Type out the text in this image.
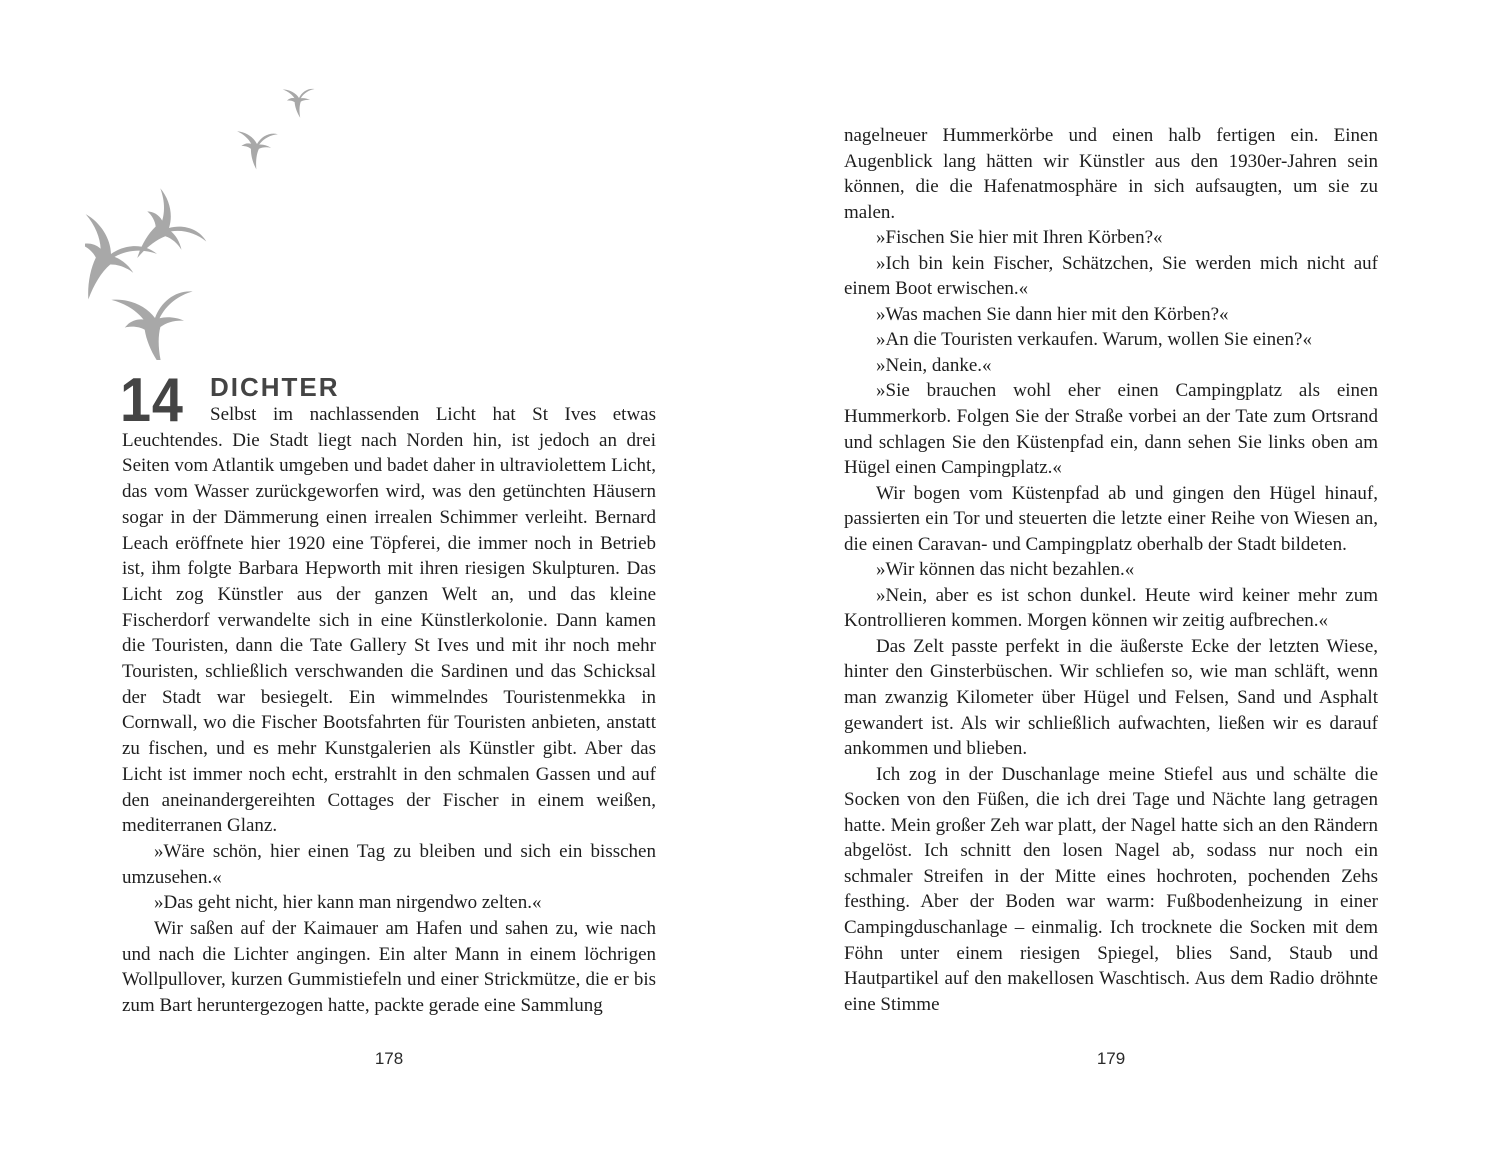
14 DICHTER

Selbst im nachlassenden Licht hat St Ives etwas Leuchtendes. Die Stadt liegt nach Norden hin, ist jedoch an drei Seiten vom Atlantik umgeben und badet daher in ultraviolettem Licht, das vom Wasser zurückgeworfen wird, was den getünchten Häusern sogar in der Dämmerung einen irrealen Schimmer verleiht. Bernard Leach eröffnete hier 1920 eine Töpferei, die immer noch in Betrieb ist, ihm folgte Barbara Hepworth mit ihren riesigen Skulpturen. Das Licht zog Künstler aus der ganzen Welt an, und das kleine Fischerdorf verwandelte sich in eine Künstlerkolonie. Dann kamen die Touristen, dann die Tate Gallery St Ives und mit ihr noch mehr Touristen, schließlich verschwanden die Sardinen und das Schicksal der Stadt war besiegelt. Ein wimmelndes Touristenmekka in Cornwall, wo die Fischer Bootsfahrten für Touristen anbieten, anstatt zu fischen, und es mehr Kunstgalerien als Künstler gibt. Aber das Licht ist immer noch echt, erstrahlt in den schmalen Gassen und auf den aneinandergereihten Cottages der Fischer in einem weißen, mediterranen Glanz.

»Wäre schön, hier einen Tag zu bleiben und sich ein bisschen umzusehen.«

»Das geht nicht, hier kann man nirgendwo zelten.«

Wir saßen auf der Kaimauer am Hafen und sahen zu, wie nach und nach die Lichter angingen. Ein alter Mann in einem löchrigen Wollpullover, kurzen Gummistiefeln und einer Strickmütze, die er bis zum Bart heruntergezogen hatte, packte gerade eine Sammlung

178	179

nagelneuer Hummerkörbe und einen halb fertigen ein. Einen Augenblick lang hätten wir Künstler aus den 1930er-Jahren sein können, die die Hafenatmosphäre in sich aufsaugten, um sie zu malen.

»Fischen Sie hier mit Ihren Körben?«

»Ich bin kein Fischer, Schätzchen, Sie werden mich nicht auf einem Boot erwischen.«

»Was machen Sie dann hier mit den Körben?«

»An die Touristen verkaufen. Warum, wollen Sie einen?«

»Nein, danke.«

»Sie brauchen wohl eher einen Campingplatz als einen Hummerkorb. Folgen Sie der Straße vorbei an der Tate zum Ortsrand und schlagen Sie den Küstenpfad ein, dann sehen Sie links oben am Hügel einen Campingplatz.«

Wir bogen vom Küstenpfad ab und gingen den Hügel hinauf, passierten ein Tor und steuerten die letzte einer Reihe von Wiesen an, die einen Caravan- und Campingplatz oberhalb der Stadt bildeten.

»Wir können das nicht bezahlen.«

»Nein, aber es ist schon dunkel. Heute wird keiner mehr zum Kontrollieren kommen. Morgen können wir zeitig aufbrechen.«

Das Zelt passte perfekt in die äußerste Ecke der letzten Wiese, hinter den Ginsterbüschen. Wir schliefen so, wie man schläft, wenn man zwanzig Kilometer über Hügel und Felsen, Sand und Asphalt gewandert ist. Als wir schließlich aufwachten, ließen wir es darauf ankommen und blieben.

Ich zog in der Duschanlage meine Stiefel aus und schälte die Socken von den Füßen, die ich drei Tage und Nächte lang getragen hatte. Mein großer Zeh war platt, der Nagel hatte sich an den Rändern abgelöst. Ich schnitt den losen Nagel ab, sodass nur noch ein schmaler Streifen in der Mitte eines hochroten, pochenden Zehs festhing. Aber der Boden war warm: Fußbodenheizung in einer Campingduschanlage – einmalig. Ich trocknete die Socken mit dem Föhn unter einem riesigen Spiegel, blies Sand, Staub und Hautpartikel auf den makellosen Waschtisch. Aus dem Radio dröhnte eine Stimme
